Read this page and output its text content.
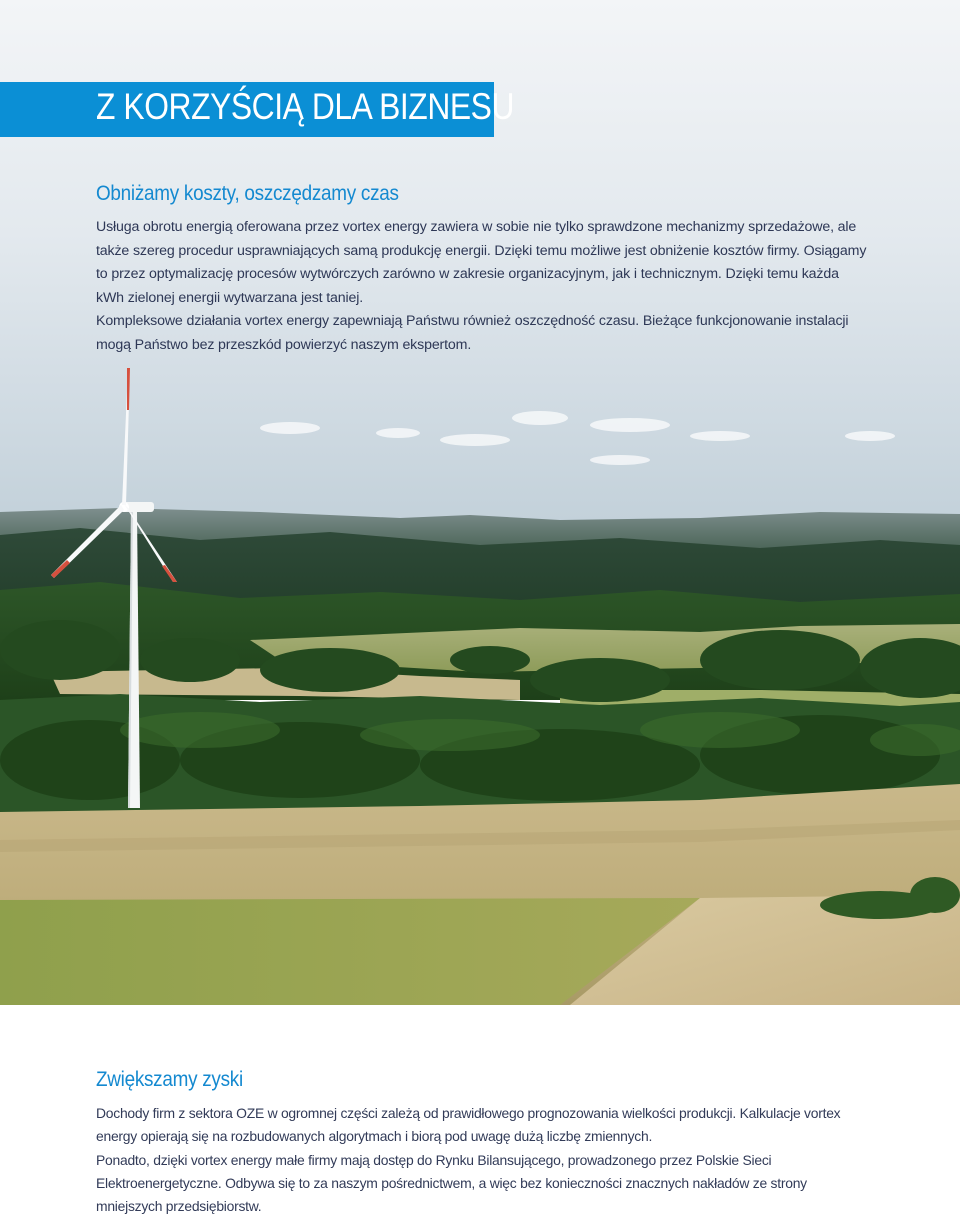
Z KORZYŚCIĄ DLA BIZNESU
Obniżamy koszty, oszczędzamy czas

Usługa obrotu energią oferowana przez vortex energy zawiera w sobie nie tylko sprawdzone mechanizmy sprzedażowe, ale także szereg procedur usprawniających samą produkcję energii. Dzięki temu możliwe jest obniżenie kosztów firmy. Osiągamy to przez optymalizację procesów wytwórczych zarówno w zakresie organizacyjnym, jak i technicznym. Dzięki temu każda kWh zielonej energii wytwarzana jest taniej.

Kompleksowe działania vortex energy zapewniają Państwu również oszczędność czasu. Bieżące funkcjonowanie instalacji mogą Państwo bez przeszkód powierzyć naszym ekspertom.

Zwiększamy zyski

Dochody firm z sektora OZE w ogromnej części zależą od prawidłowego prognozowania wielkości produkcji. Kalkulacje vortex energy opierają się na rozbudowanych algorytmach i biorą pod uwagę dużą liczbę zmiennych.

Ponadto, dzięki vortex energy małe firmy mają dostęp do Rynku Bilansującego, prowadzonego przez Polskie Sieci Elektroenergetyczne. Odbywa się to za naszym pośrednictwem, a więc bez konieczności znacznych nakładów ze strony mniejszych przedsiębiorstw.
